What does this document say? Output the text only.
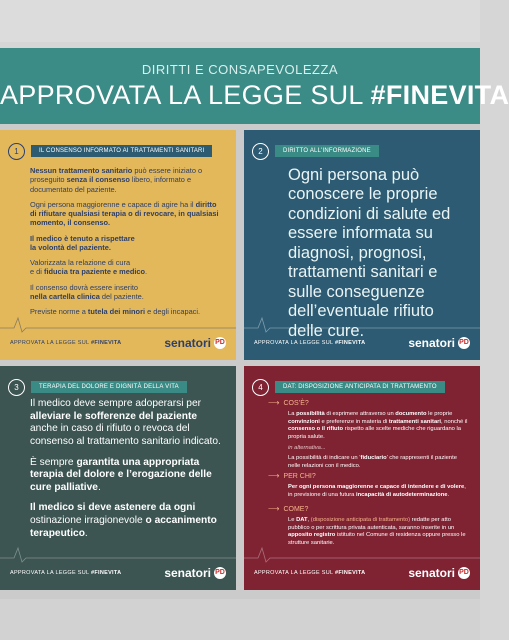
DIRITTI E CONSAPEVOLEZZA
APPROVATA LA LEGGE SUL #FINEVITA
1	IL CONSENSO INFORMATO AI TRATTAMENTI SANITARI

Nessun trattamento sanitario può essere iniziato o proseguito senza il consenso libero, informato e documentato del paziente.

Ogni persona maggiorenne e capace di agire ha il diritto di rifiutare qualsiasi terapia o di revocare, in qualsiasi momento, il consenso.

Il medico è tenuto a rispettare
la volontà del paziente.

Valorizzata la relazione di cura
e di fiducia tra paziente e medico.

Il consenso dovrà essere inserito
nella cartella clinica del paziente.

Previste norme a tutela dei minori e degli incapaci.

APPROVATA LA LEGGE SUL #FINEVITA	senatori PD
2	DIRITTO ALL'INFORMAZIONE
Ogni persona può conoscere le proprie condizioni di salute ed essere informata su diagnosi, prognosi, trattamenti sanitari e sulle conseguenze dell’eventuale rifiuto delle cure.
APPROVATA LA LEGGE SUL #FINEVITA	senatori PD
3	TERAPIA DEL DOLORE E DIGNITÀ DELLA VITA

Il medico deve sempre adoperarsi per alleviare le sofferenze del paziente anche in caso di rifiuto o revoca del consenso al trattamento sanitario indicato.

È sempre garantita una appropriata terapia del dolore e l’erogazione delle cure palliative.

Il medico si deve astenere da ogni ostinazione irragionevole o accanimento terapeutico.

APPROVATA LA LEGGE SUL #FINEVITA	senatori PD
4	DAT: DISPOSIZIONE ANTICIPATA DI TRATTAMENTO
⟶ COS’È?

La possibilità di esprimere attraverso un documento le proprie convinzioni e preferenze in materia di trattamenti sanitari, nonché il consenso o il rifiuto rispetto alle scelte mediche che riguardano la propria salute.

in alternativa...

La possibilità di indicare un ‘fiduciario’ che rappresenti il paziente nelle relazioni con il medico.

⟶ PER CHI?

Per ogni persona maggiorenne e capace di intendere e di volere, in previsione di una futura incapacità di autodeterminazione.

⟶ COME?

Le DAT, (disposizione anticipata di trattamento) redatte per atto pubblico o per scrittura privata autenticata, saranno inserite in un apposito registro istituito nel Comune di residenza oppure presso le strutture sanitarie.

APPROVATA LA LEGGE SUL #FINEVITA	senatori PD
